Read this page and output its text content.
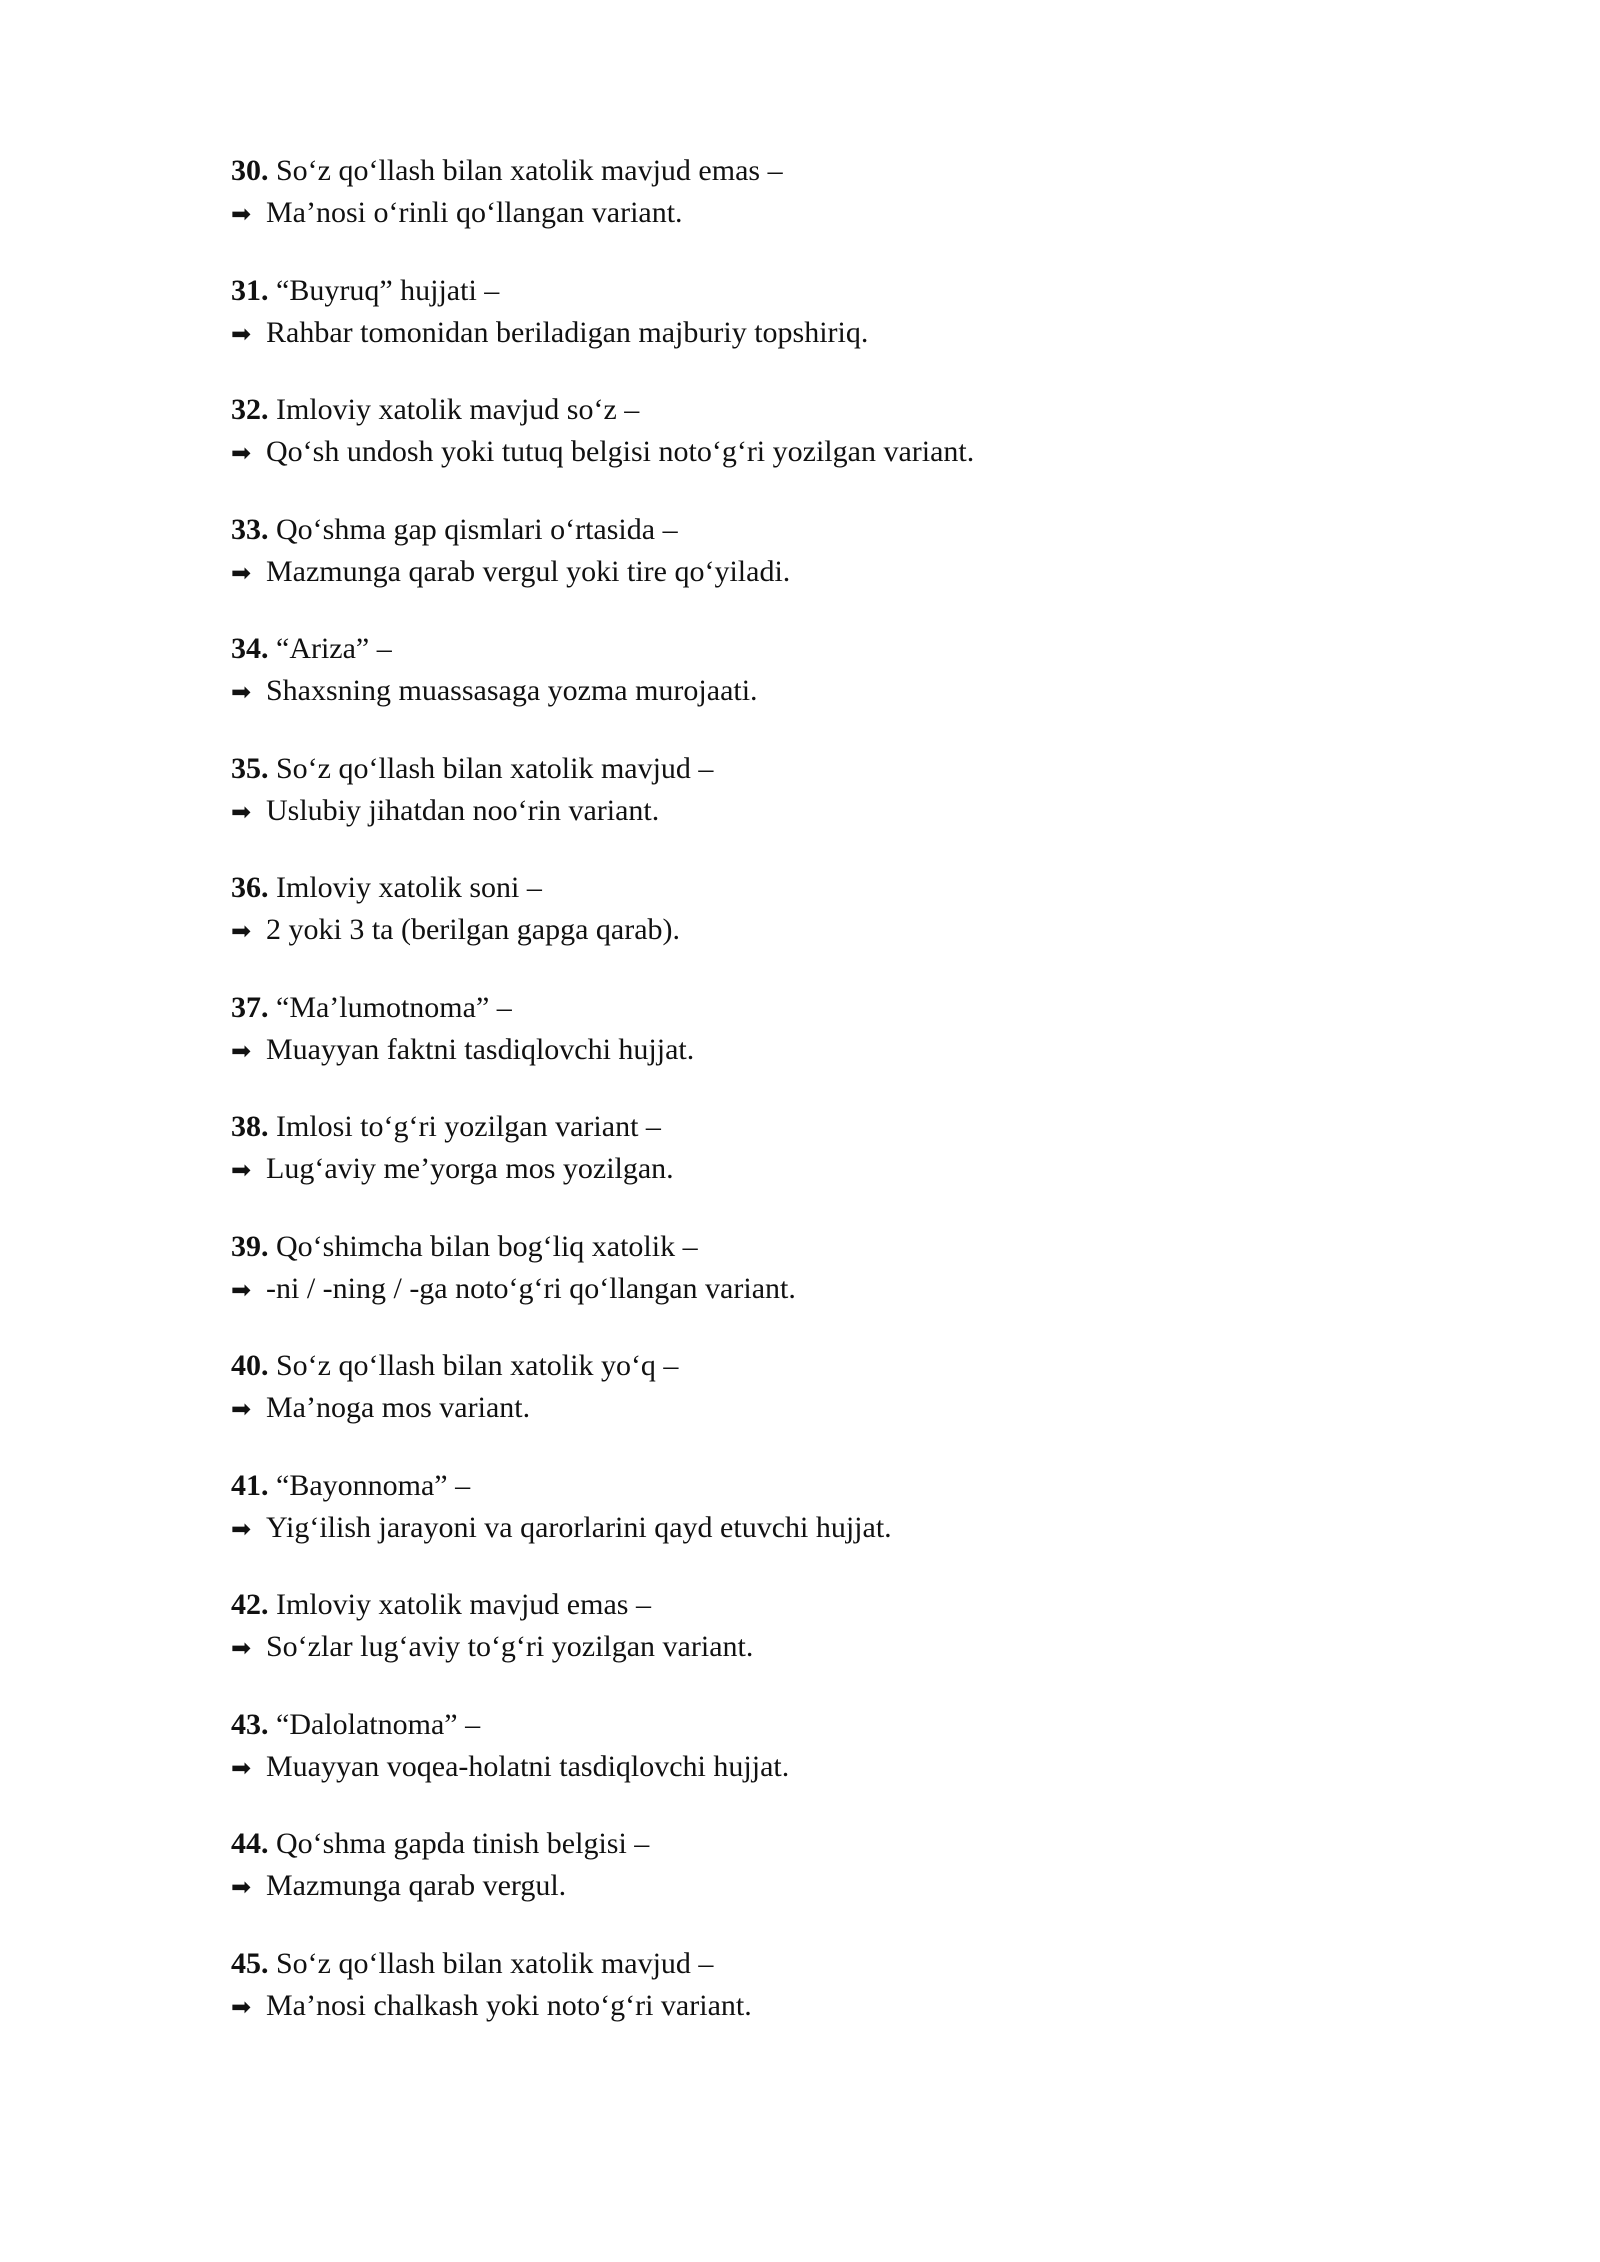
30. So‘z qo‘llash bilan xatolik mavjud emas –
➡ Ma’nosi o‘rinli qo‘llangan variant.
31. “Buyruq” hujjati –
➡ Rahbar tomonidan beriladigan majburiy topshiriq.
32. Imloviy xatolik mavjud so‘z –
➡ Qo‘sh undosh yoki tutuq belgisi noto‘g‘ri yozilgan variant.
33. Qo‘shma gap qismlari o‘rtasida –
➡ Mazmunga qarab vergul yoki tire qo‘yiladi.
34. “Ariza” –
➡ Shaxsning muassasaga yozma murojaati.
35. So‘z qo‘llash bilan xatolik mavjud –
➡ Uslubiy jihatdan noo‘rin variant.
36. Imloviy xatolik soni –
➡ 2 yoki 3 ta (berilgan gapga qarab).
37. “Ma’lumotnoma” –
➡ Muayyan faktni tasdiqlovchi hujjat.
38. Imlosi to‘g‘ri yozilgan variant –
➡ Lug‘aviy me’yorga mos yozilgan.
39. Qo‘shimcha bilan bog‘liq xatolik –
➡ -ni / -ning / -ga noto‘g‘ri qo‘llangan variant.
40. So‘z qo‘llash bilan xatolik yo‘q –
➡ Ma’noga mos variant.
41. “Bayonnoma” –
➡ Yig‘ilish jarayoni va qarorlarini qayd etuvchi hujjat.
42. Imloviy xatolik mavjud emas –
➡ So‘zlar lug‘aviy to‘g‘ri yozilgan variant.
43. “Dalolatnoma” –
➡ Muayyan voqea-holatni tasdiqlovchi hujjat.
44. Qo‘shma gapda tinish belgisi –
➡ Mazmunga qarab vergul.
45. So‘z qo‘llash bilan xatolik mavjud –
➡ Ma’nosi chalkash yoki noto‘g‘ri variant.
